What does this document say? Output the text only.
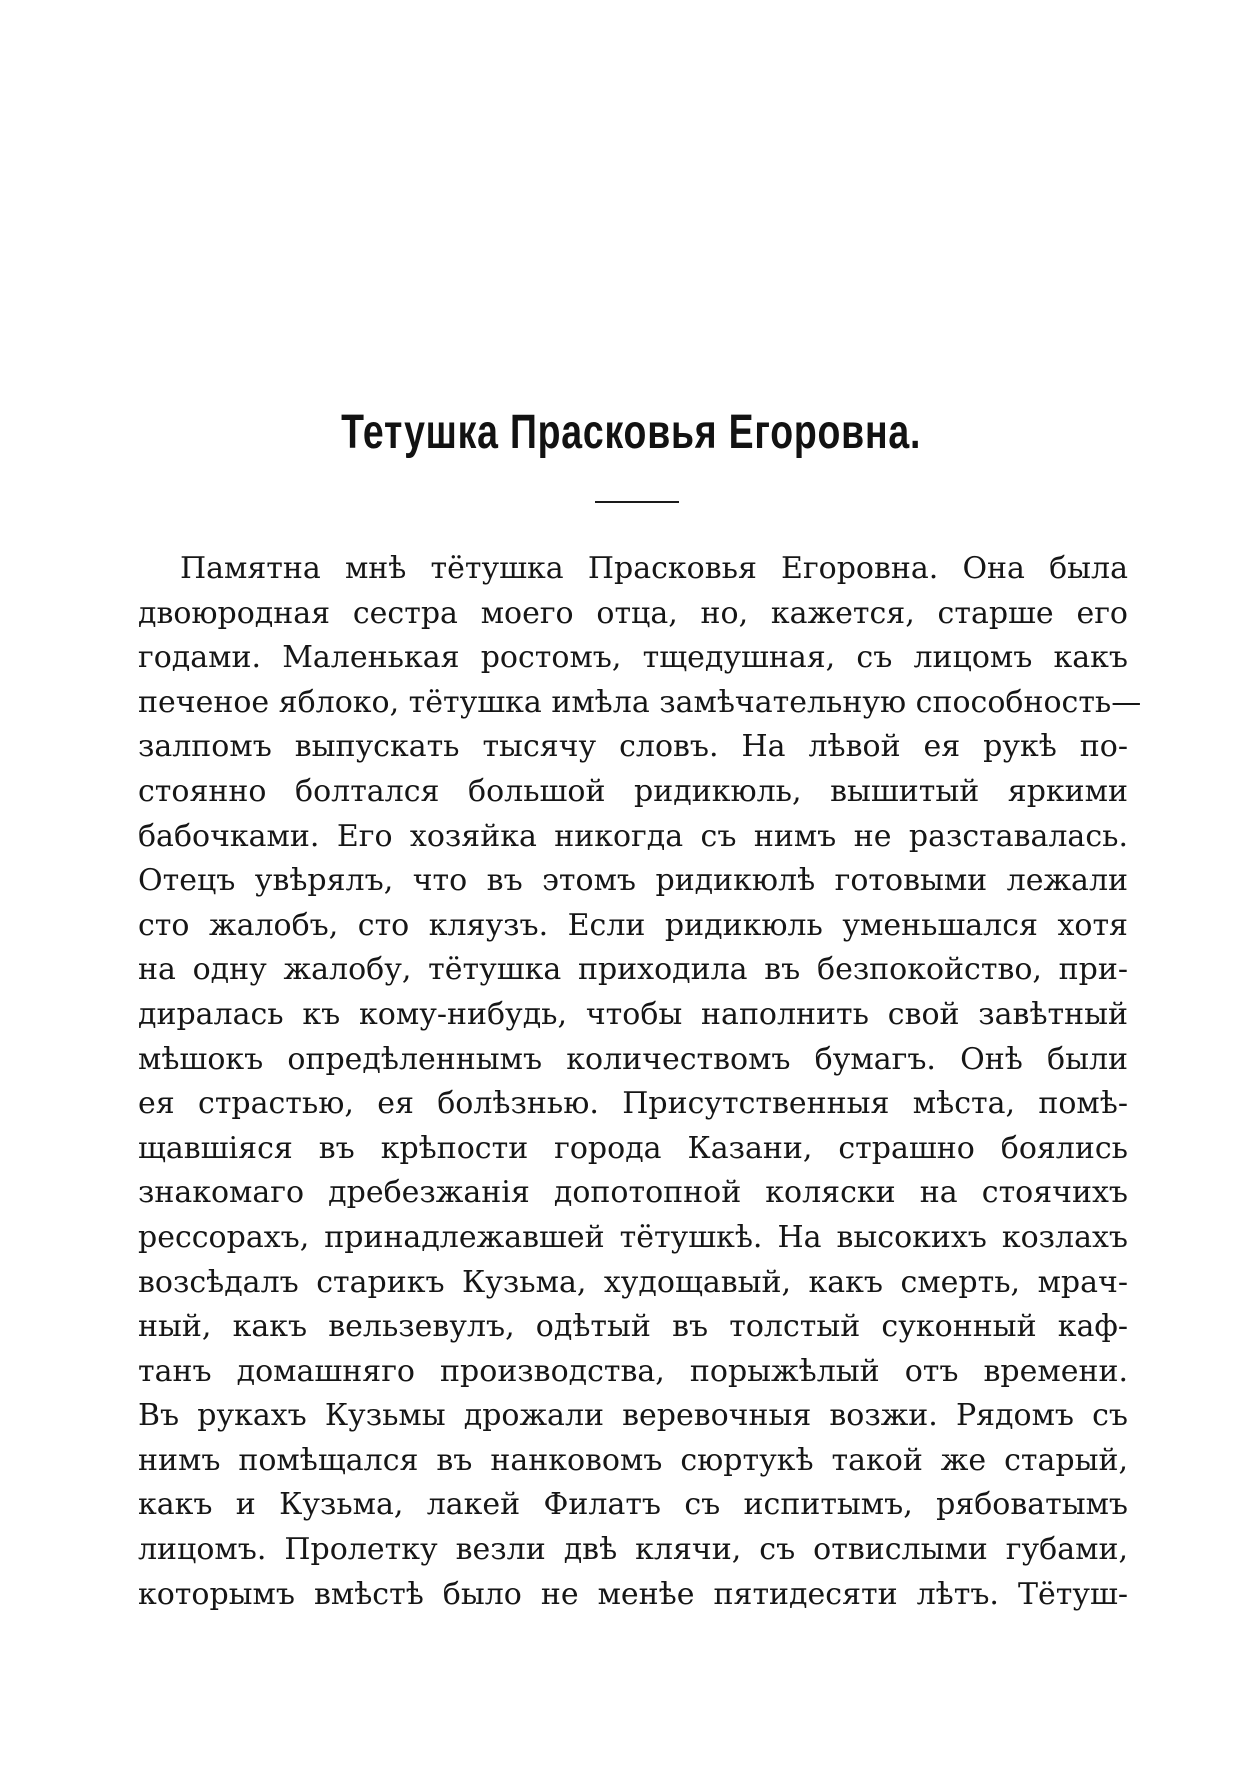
Тетушка Прасковья Егоровна.
Памятна мнѣ тётушка Прасковья Егоровна. Она была
двоюродная сестра моего отца, но, кажется, старше его
годами. Маленькая ростомъ, тщедушная, съ лицомъ какъ
печеное яблоко, тётушка имѣла замѣчательную способность—
залпомъ выпускать тысячу словъ. На лѣвой ея рукѣ по-
стоянно болтался большой ридикюль, вышитый яркими
бабочками. Его хозяйка никогда съ нимъ не разставалась.
Отецъ увѣрялъ, что въ этомъ ридикюлѣ готовыми лежали
сто жалобъ, сто кляузъ. Если ридикюль уменьшался хотя
на одну жалобу, тётушка приходила въ безпокойство, при-
диралась къ кому-нибудь, чтобы наполнить свой завѣтный
мѣшокъ опредѣленнымъ количествомъ бумагъ. Онѣ были
ея страстью, ея болѣзнью. Присутственныя мѣста, помѣ-
щавшіяся въ крѣпости города Казани, страшно боялись
знакомаго дребезжанія допотопной коляски на стоячихъ
рессорахъ, принадлежавшей тётушкѣ. На высокихъ козлахъ
возсѣдалъ старикъ Кузьма, худощавый, какъ смерть, мрач-
ный, какъ вельзевулъ, одѣтый въ толстый суконный каф-
танъ домашняго производства, порыжѣлый отъ времени.
Въ рукахъ Кузьмы дрожали веревочныя возжи. Рядомъ съ
нимъ помѣщался въ нанковомъ сюртукѣ такой же старый,
какъ и Кузьма, лакей Филатъ съ испитымъ, рябоватымъ
лицомъ. Пролетку везли двѣ клячи, съ отвислыми губами,
которымъ вмѣстѣ было не менѣе пятидесяти лѣтъ. Тётуш-
